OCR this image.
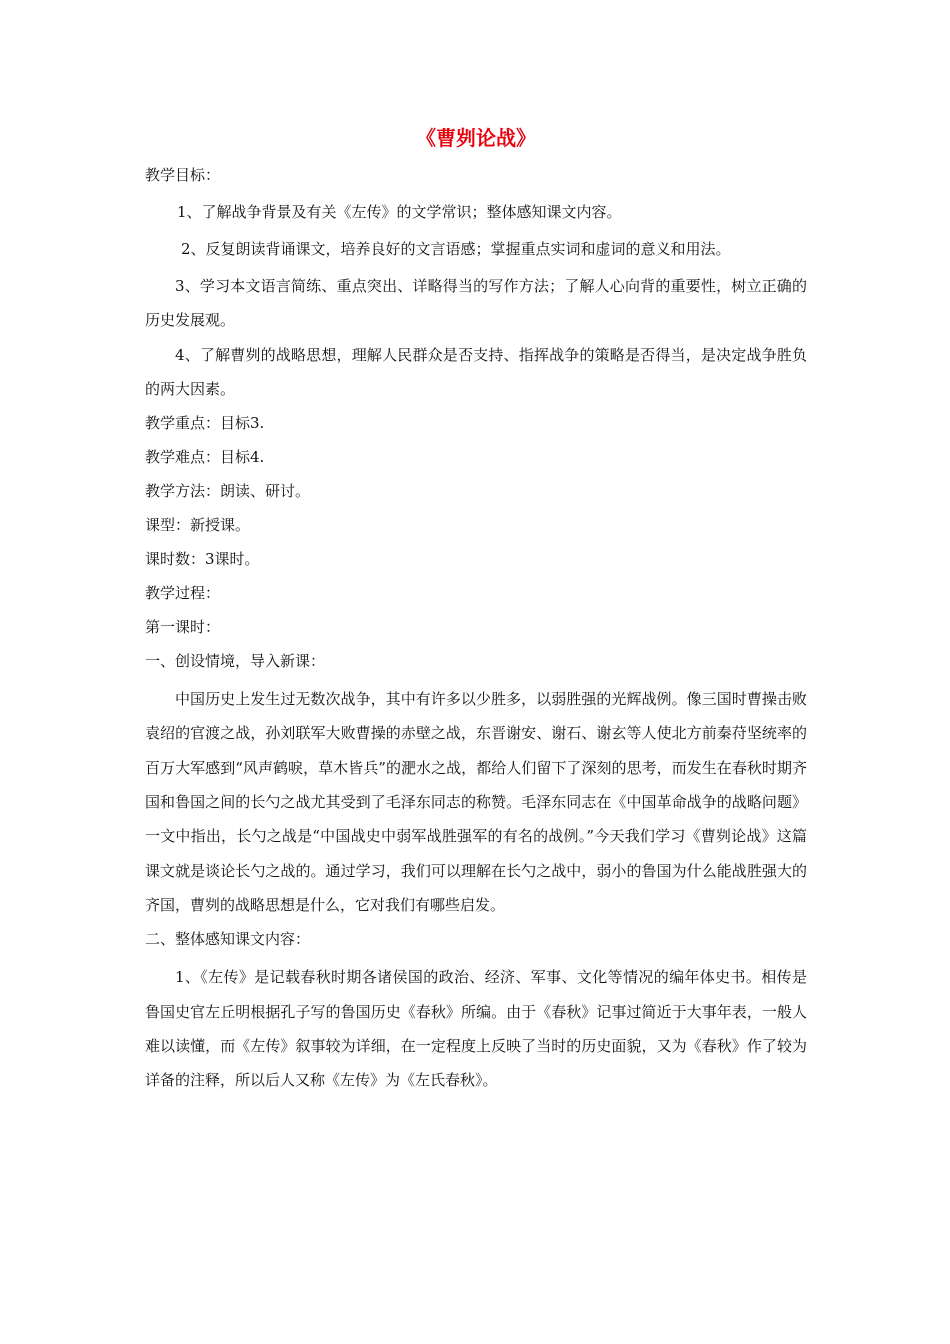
《曹刿论战》
教学目标：
1、了解战争背景及有关《左传》的文学常识；整体感知课文内容。
2、反复朗读背诵课文，培养良好的文言语感；掌握重点实词和虚词的意义和用法。
3、学习本文语言简练、重点突出、详略得当的写作方法；了解人心向背的重要性，树立正确的历史发展观。
4、了解曹刿的战略思想，理解人民群众是否支持、指挥战争的策略是否得当，是决定战争胜负的两大因素。
教学重点：目标3.
教学难点：目标4.
教学方法：朗读、研讨。
课型：新授课。
课时数：3课时。
教学过程：
第一课时：
一、创设情境，导入新课：
中国历史上发生过无数次战争，其中有许多以少胜多，以弱胜强的光辉战例。像三国时曹操击败袁绍的官渡之战，孙刘联军大败曹操的赤壁之战，东晋谢安、谢石、谢玄等人使北方前秦苻坚统率的百万大军感到“风声鹤唳，草木皆兵”的淝水之战，都给人们留下了深刻的思考，而发生在春秋时期齐国和鲁国之间的长勺之战尤其受到了毛泽东同志的称赞。毛泽东同志在《中国革命战争的战略问题》一文中指出，长勺之战是“中国战史中弱军战胜强军的有名的战例。”今天我们学习《曹刿论战》这篇课文就是谈论长勺之战的。通过学习，我们可以理解在长勺之战中，弱小的鲁国为什么能战胜强大的齐国，曹刿的战略思想是什么，它对我们有哪些启发。
二、整体感知课文内容：
1、《左传》是记载春秋时期各诸侯国的政治、经济、军事、文化等情况的编年体史书。相传是鲁国史官左丘明根据孔子写的鲁国历史《春秋》所编。由于《春秋》记事过简近于大事年表，一般人难以读懂，而《左传》叙事较为详细，在一定程度上反映了当时的历史面貌，又为《春秋》作了较为详备的注释，所以后人又称《左传》为《左氏春秋》。
